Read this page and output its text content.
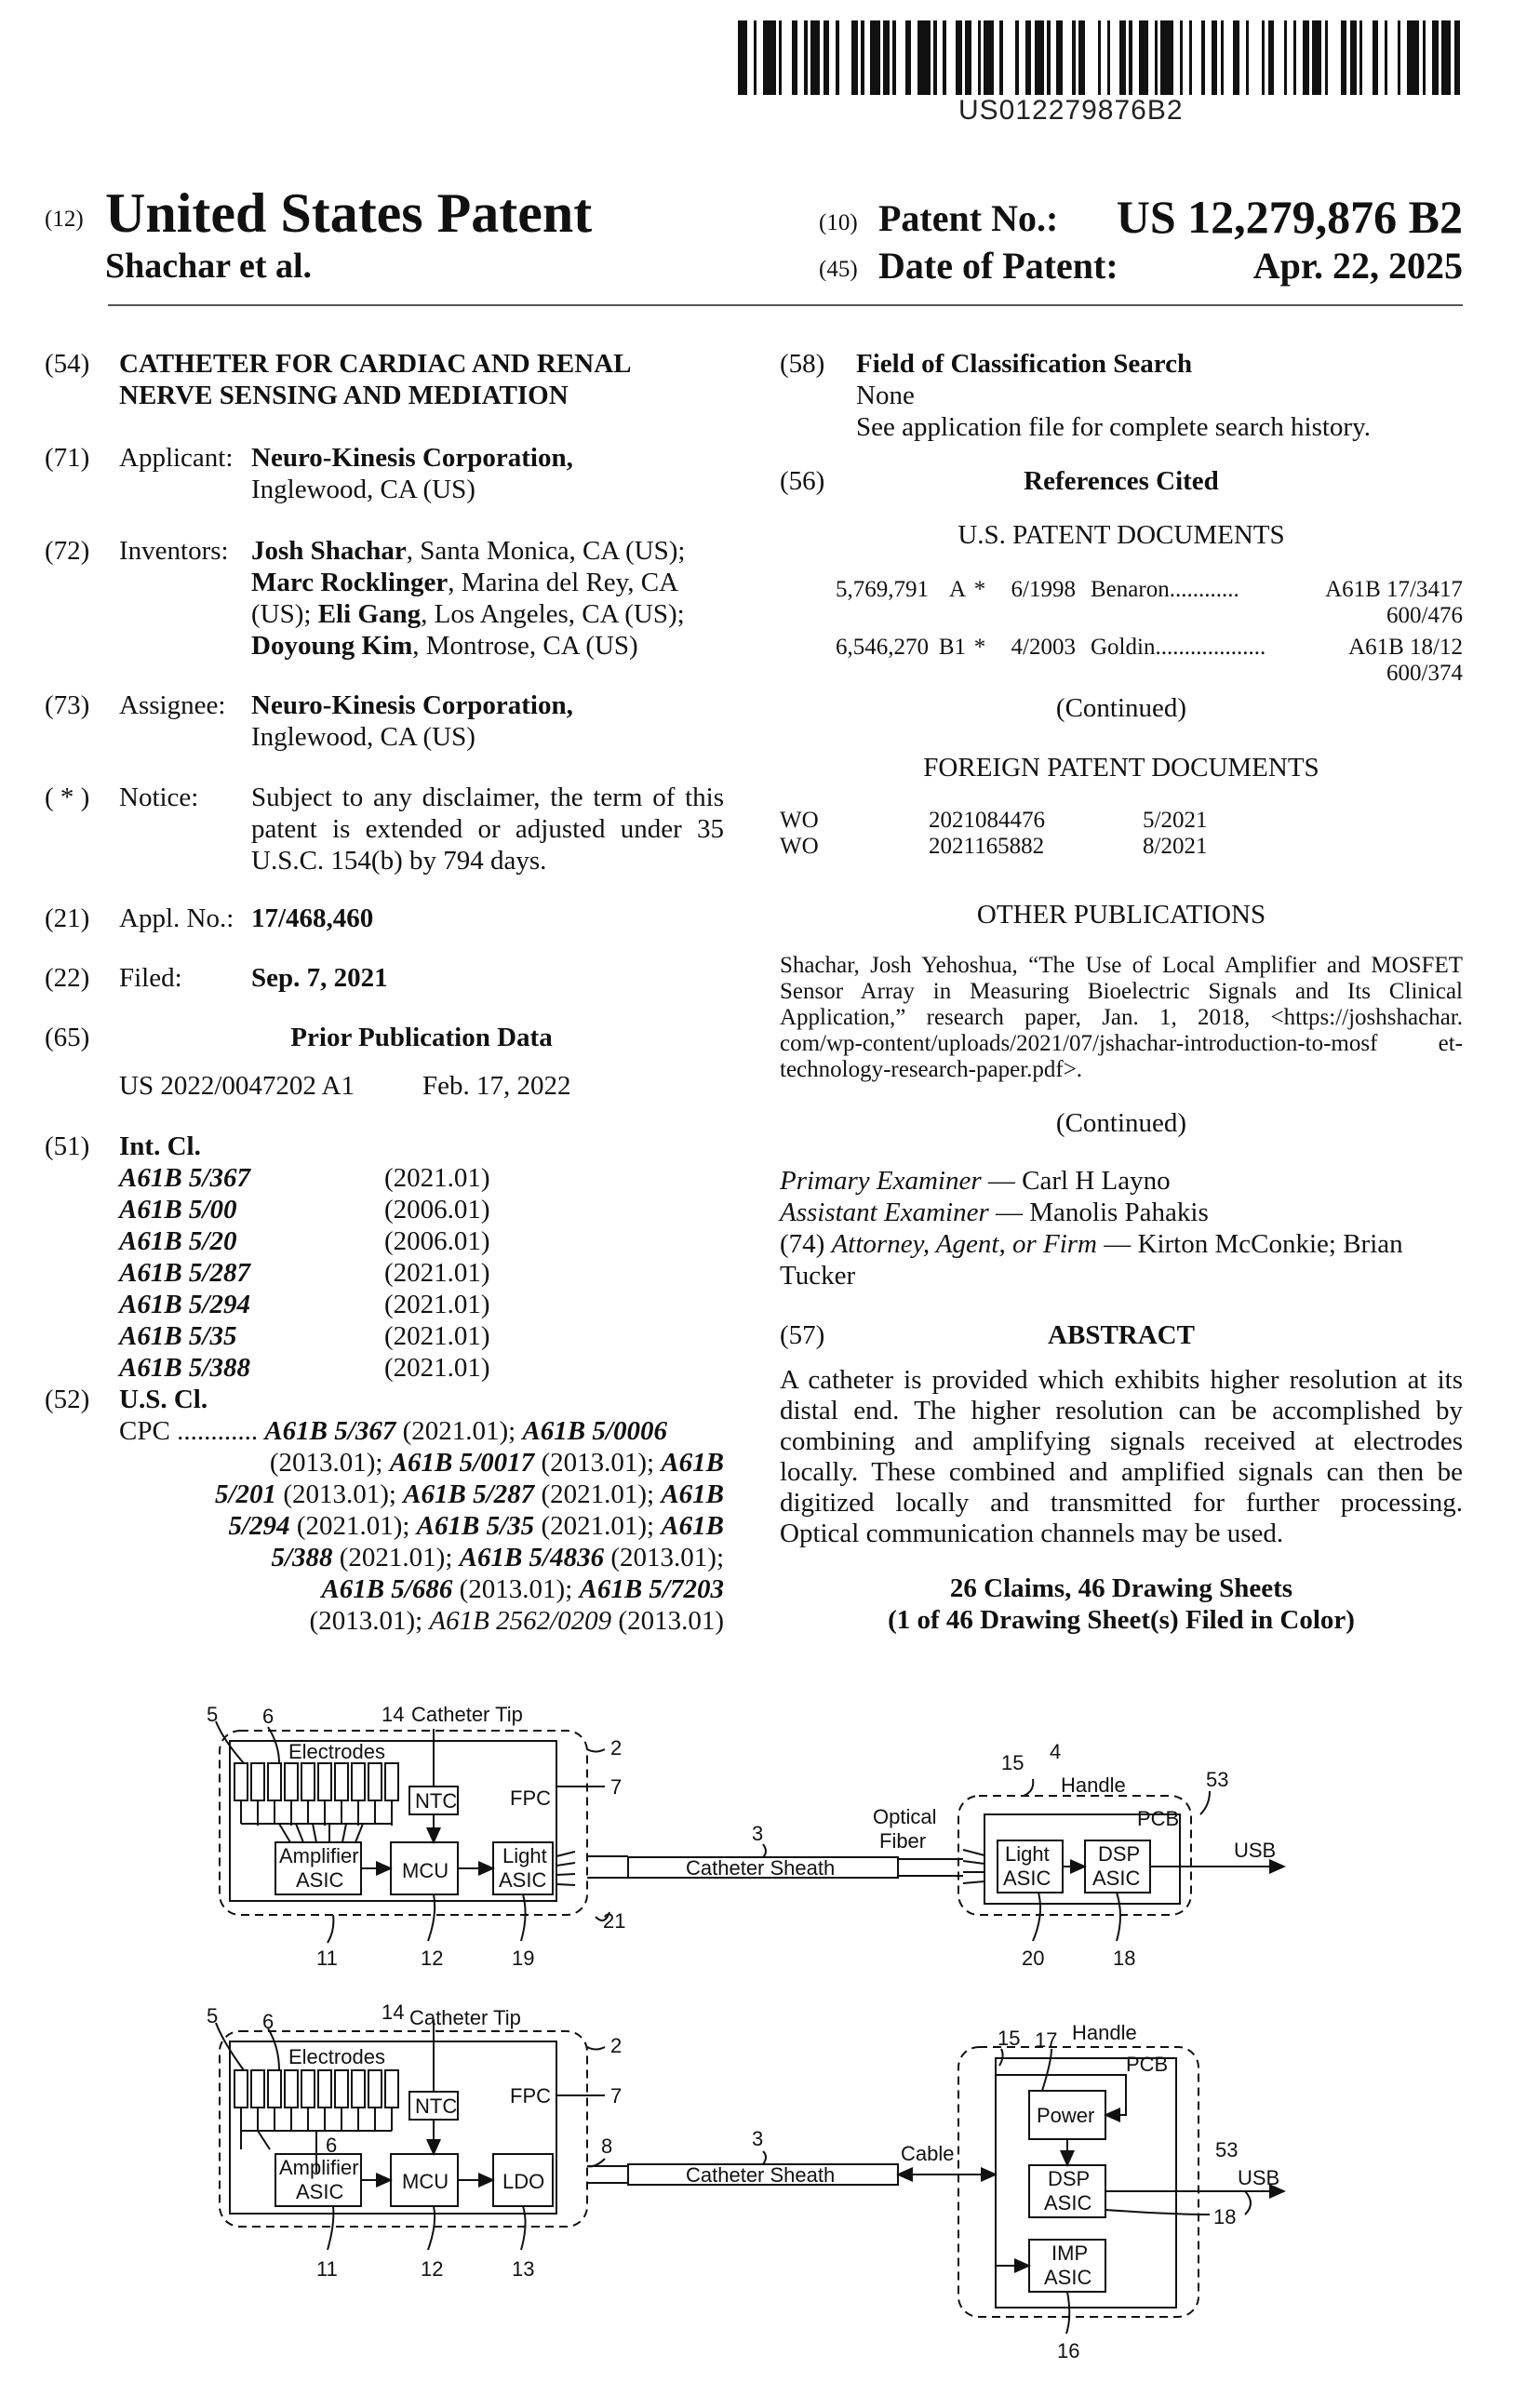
US012279876B2
(12) United States Patent
Shachar et al.
(10) Patent No.: US 12,279,876 B2
(45) Date of Patent:	Apr. 22, 2025
(54) CATHETER FOR CARDIAC AND RENAL
NERVE SENSING AND MEDIATION
(71) Applicant: Neuro-Kinesis Corporation,
Inglewood, CA (US)
(72) Inventors: Josh Shachar, Santa Monica, CA (US);
Marc Rocklinger, Marina del Rey, CA
(US); Eli Gang, Los Angeles, CA (US);
Doyoung Kim, Montrose, CA (US)
(73) Assignee: Neuro-Kinesis Corporation,
Inglewood, CA (US)
( * ) Notice: Subject to any disclaimer, the term of this
patent is extended or adjusted under 35
U.S.C. 154(b) by 794 days.
(21) Appl. No.: 17/468,460
(22) Filed:	Sep. 7, 2021
(65)	Prior Publication Data
US 2022/0047202 A1	Feb. 17, 2022
(51) Int. Cl.
A61B 5/367	(2021.01)
A61B 5/00	(2006.01)
A61B 5/20	(2006.01)
A61B 5/287	(2021.01)
A61B 5/294	(2021.01)
A61B 5/35	(2021.01)
A61B 5/388	(2021.01)
(52) U.S. Cl.
CPC ............ A61B 5/367 (2021.01); A61B 5/0006
(2013.01); A61B 5/0017 (2013.01); A61B
5/201 (2013.01); A61B 5/287 (2021.01); A61B
5/294 (2021.01); A61B 5/35 (2021.01); A61B
5/388 (2021.01); A61B 5/4836 (2013.01);
A61B 5/686 (2013.01); A61B 5/7203
(2013.01); A61B 2562/0209 (2013.01)
(58) Field of Classification Search
None
See application file for complete search history.
(56)	References Cited
U.S. PATENT DOCUMENTS
5,769,791 A *	6/1998 Benaron ............	A61B 17/3417
600/476
6,546,270 B1 *	4/2003 Goldin ...................	A61B 18/12
600/374
(Continued)
FOREIGN PATENT DOCUMENTS
WO	2021084476	5/2021
WO	2021165882	8/2021
OTHER PUBLICATIONS
Shachar, Josh Yehoshua, “The Use of Local Amplifier and MOSFET
Sensor Array in Measuring Bioelectric Signals and Its Clinical
Application,” research paper, Jan. 1, 2018, <https://joshshachar.
com/wp-content/uploads/2021/07/jshachar-introduction-to-mosf et-
technology-research-paper.pdf>.
(Continued)
Primary Examiner — Carl H Layno
Assistant Examiner — Manolis Pahakis
(74) Attorney, Agent, or Firm — Kirton McConkie; Brian
Tucker
(57)	ABSTRACT
A catheter is provided which exhibits higher resolution at its
distal end. The higher resolution can be accomplished by
combining and amplifying signals received at electrodes
locally. These combined and amplified signals can then be
digitized locally and transmitted for further processing.
Optical communication channels may be used.
26 Claims, 46 Drawing Sheets
(1 of 46 Drawing Sheet(s) Filed in Color)
5 6	14 Catheter Tip
Electrodes
NTC	FPC
2
7
Amplifier
ASIC	MCU
Light
ASIC
3
Catheter Sheath
Optical
Fiber
15 4
Handle	53
PCB
Light
ASIC
DSP
ASIC
USB
21
11	12	19	20	18
5 6	14 Catheter Tip
Electrodes
NTC	FPC
6
2
7
8
Amplifier
ASIC	MCU	LDO
3
Catheter Sheath
Cable
15 17 Handle
PCB
Power
DSP
ASIC
IMP
ASIC
53
USB
18
11	12	13
16
